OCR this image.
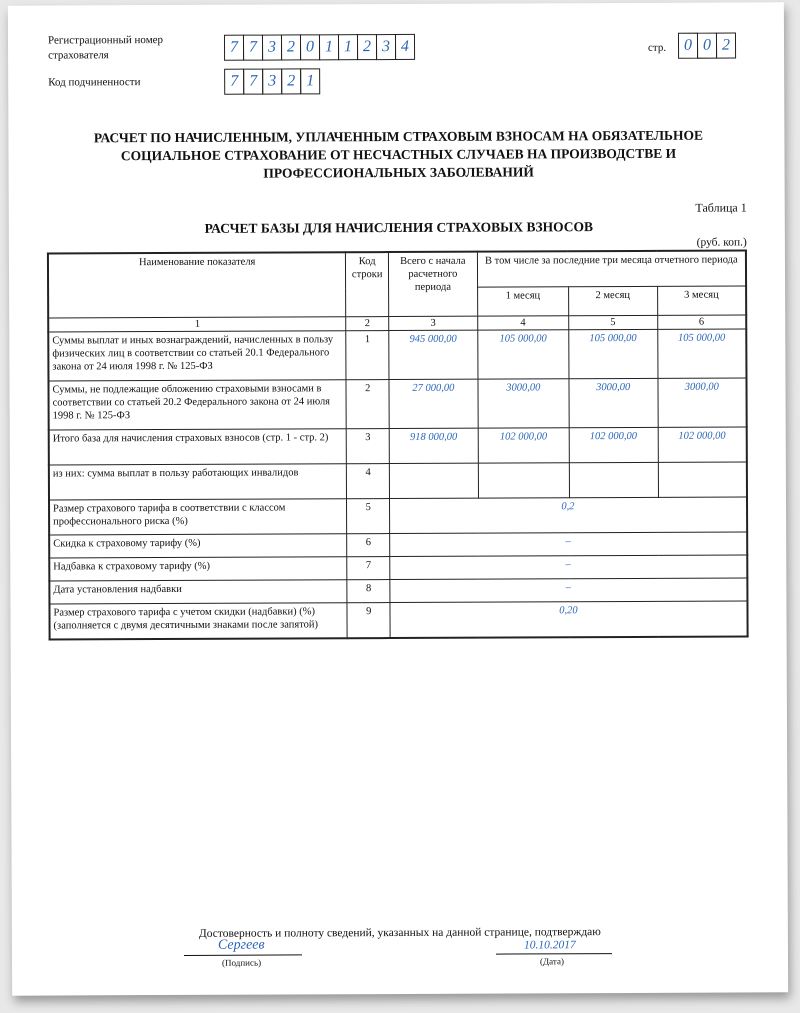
Регистрационный номер страхователя	7 7 3 2 0 1 1 2 3 4	стр.	0 0 2
Код подчиненности	7 7 3 2 1
РАСЧЕТ ПО НАЧИСЛЕННЫМ, УПЛАЧЕННЫМ СТРАХОВЫМ ВЗНОСАМ НА ОБЯЗАТЕЛЬНОЕ СОЦИАЛЬНОЕ СТРАХОВАНИЕ ОТ НЕСЧАСТНЫХ СЛУЧАЕВ НА ПРОИЗВОДСТВЕ И ПРОФЕССИОНАЛЬНЫХ ЗАБОЛЕВАНИЙ
Таблица 1
РАСЧЕТ БАЗЫ ДЛЯ НАЧИСЛЕНИЯ СТРАХОВЫХ ВЗНОСОВ
(руб. коп.)
Наименование показателя	Код строки	Всего с начала расчетного периода	В том числе за последние три месяца отчетного периода		
			1 месяц	2 месяц	3 месяц
1	2	3	4	5	6
Суммы выплат и иных вознаграждений, начисленных в пользу физических лиц в соответствии со статьей 20.1 Федерального закона от 24 июля 1998 г. № 125-ФЗ	1	945 000,00	105 000,00	105 000,00	105 000,00
Суммы, не подлежащие обложению страховыми взносами в соответствии со статьей 20.2 Федерального закона от 24 июля 1998 г. № 125-ФЗ	2	27 000,00	3000,00	3000,00	3000,00
Итого база для начисления страховых взносов (стр. 1 - стр. 2)	3	918 000,00	102 000,00	102 000,00	102 000,00
из них: сумма выплат в пользу работающих инвалидов	4				
Размер страхового тарифа в соответствии с классом профессионального риска (%)	5	0,2			
Скидка к страховому тарифу (%)	6	–			
Надбавка к страховому тарифу (%)	7	–			
Дата установления надбавки	8	–			
Размер страхового тарифа с учетом скидки (надбавки) (%) (заполняется с двумя десятичными знаками после запятой)	9	0,20			
Достоверность и полноту сведений, указанных на данной странице, подтверждаю
Сергеев
(Подпись)
10.10.2017
(Дата)
